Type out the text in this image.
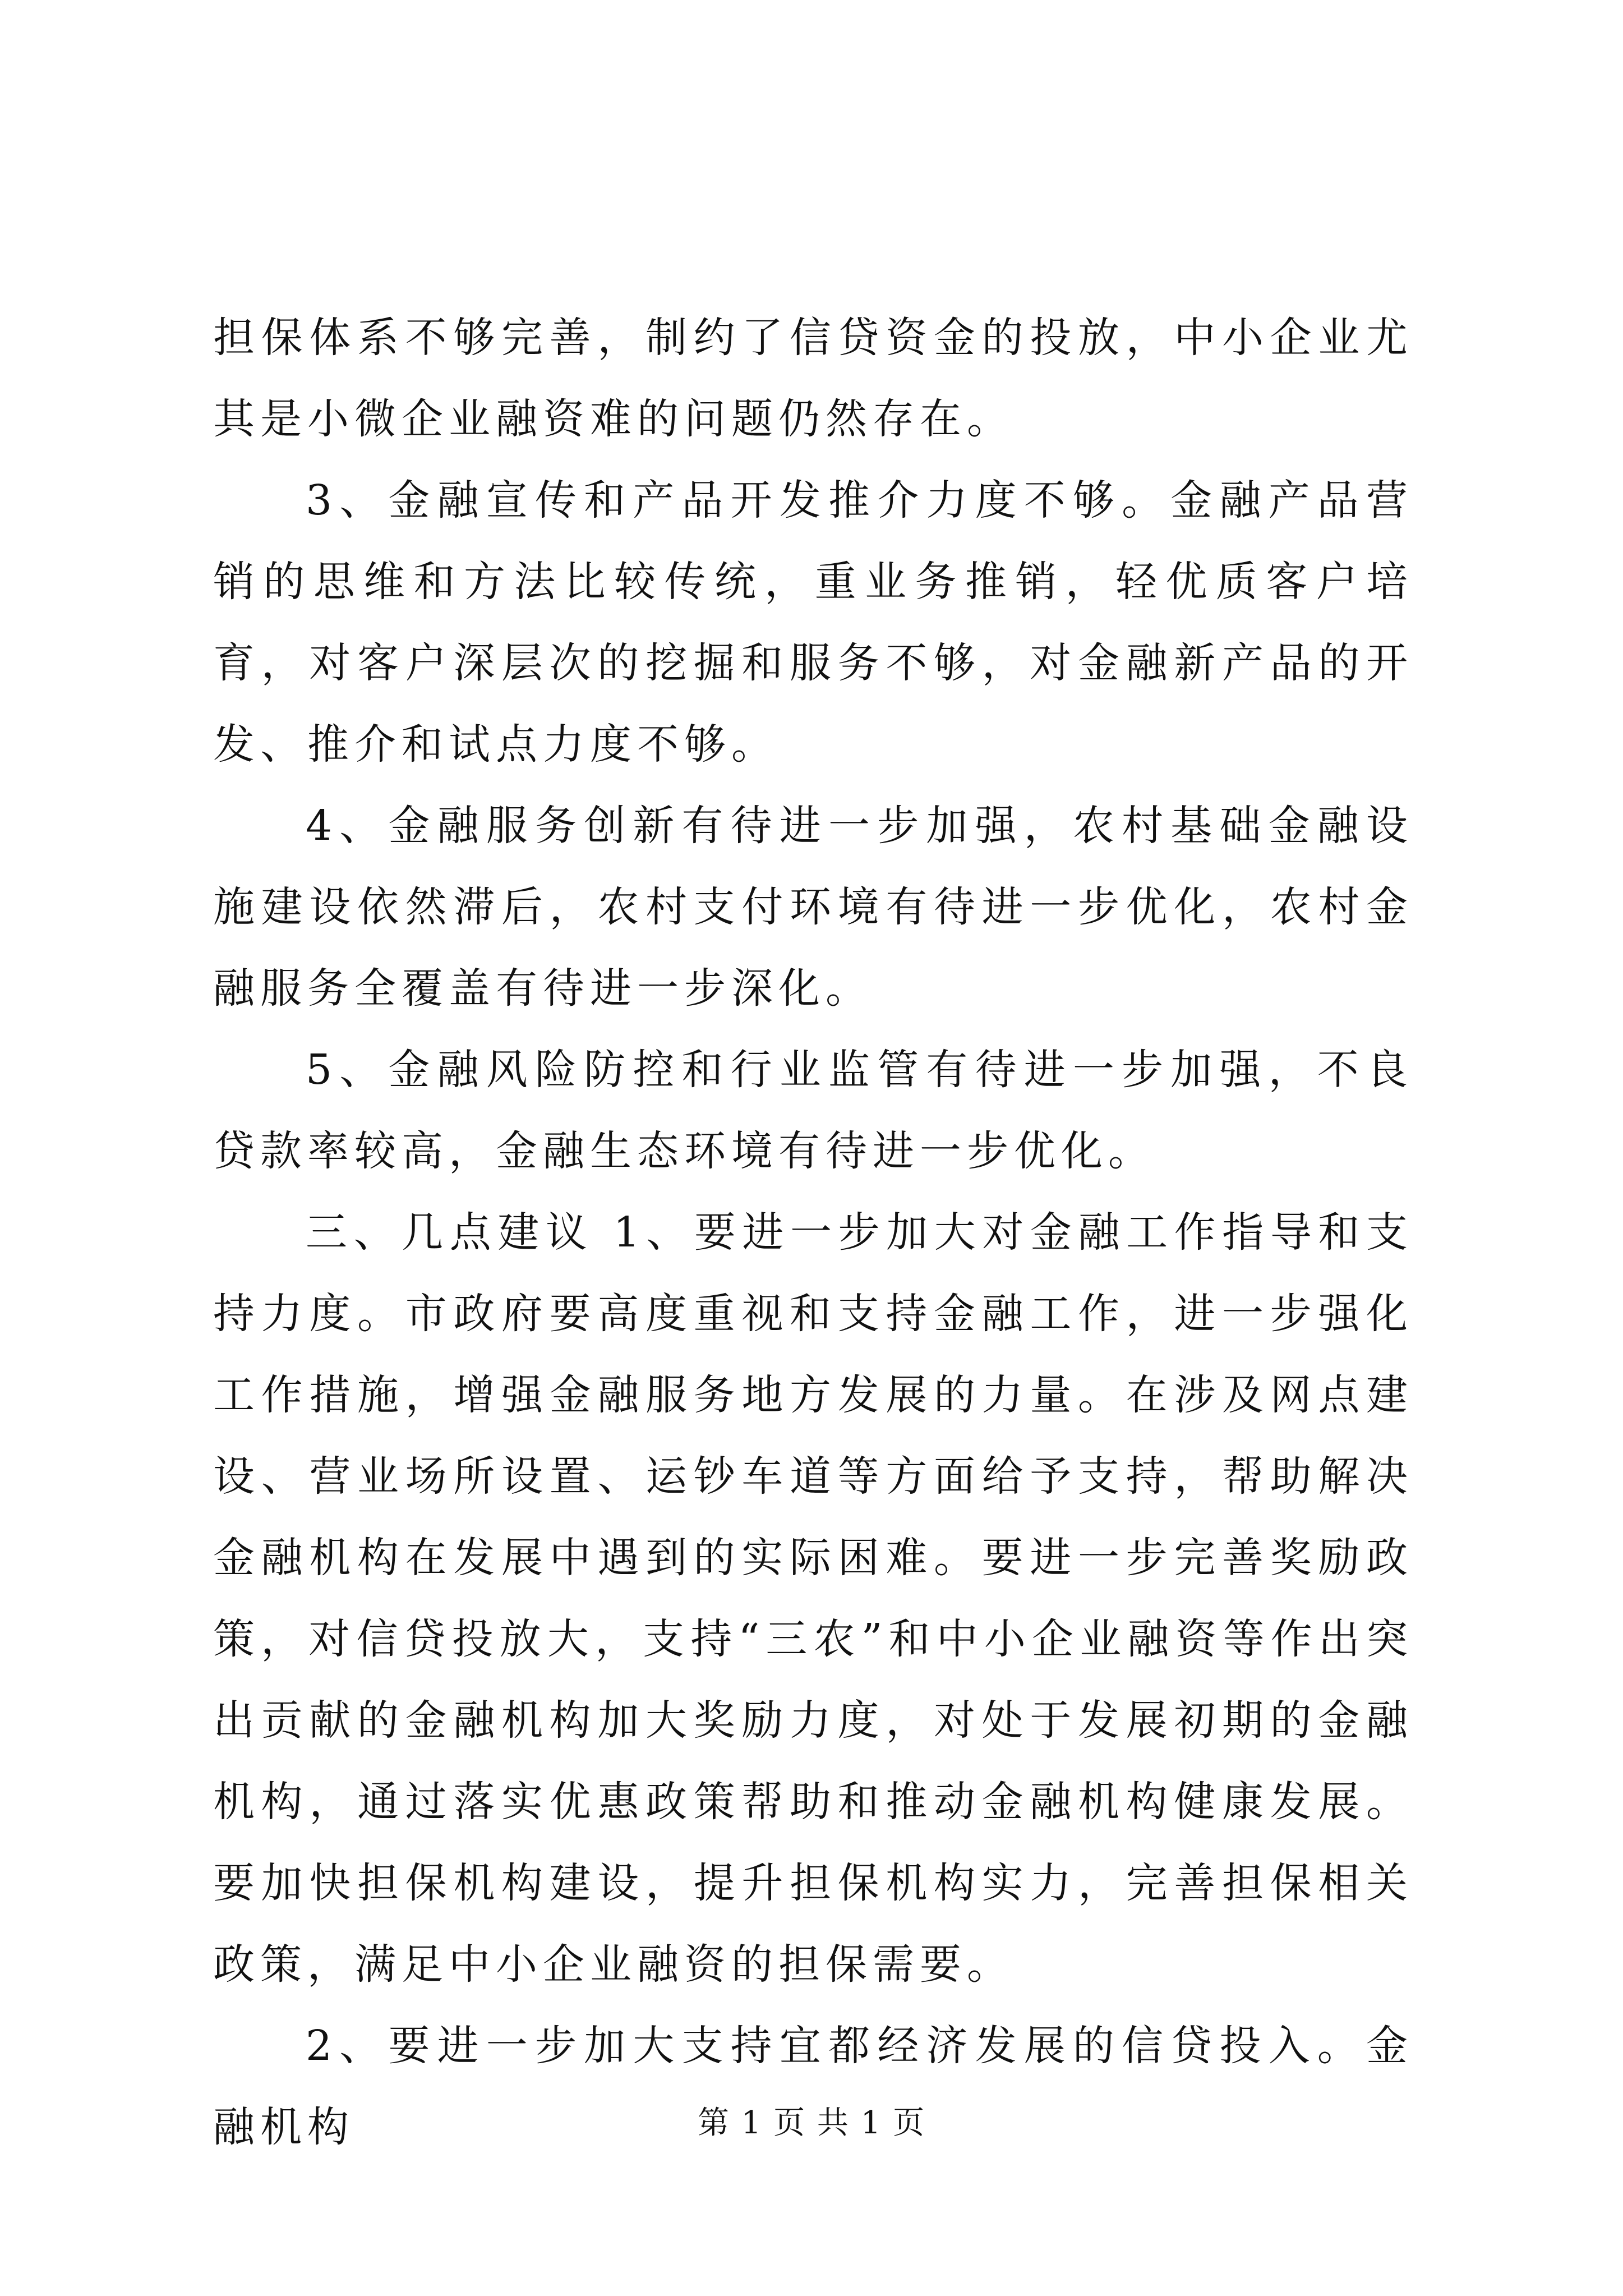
担保体系不够完善，制约了信贷资金的投放，中小企业尤其是小微企业融资难的问题仍然存在。

3、金融宣传和产品开发推介力度不够。金融产品营销的思维和方法比较传统，重业务推销，轻优质客户培育，对客户深层次的挖掘和服务不够，对金融新产品的开发、推介和试点力度不够。

4、金融服务创新有待进一步加强，农村基础金融设施建设依然滞后，农村支付环境有待进一步优化，农村金融服务全覆盖有待进一步深化。

5、金融风险防控和行业监管有待进一步加强，不良贷款率较高，金融生态环境有待进一步优化。

三、几点建议 1、要进一步加大对金融工作指导和支持力度。市政府要高度重视和支持金融工作，进一步强化工作措施，增强金融服务地方发展的力量。在涉及网点建设、营业场所设置、运钞车道等方面给予支持，帮助解决金融机构在发展中遇到的实际困难。要进一步完善奖励政策，对信贷投放大，支持“三农”和中小企业融资等作出突出贡献的金融机构加大奖励力度，对处于发展初期的金融机构，通过落实优惠政策帮助和推动金融机构健康发展。要加快担保机构建设，提升担保机构实力，完善担保相关政策，满足中小企业融资的担保需要。

2、要进一步加大支持宜都经济发展的信贷投入。金融机构	第 1 页 共 1 页
